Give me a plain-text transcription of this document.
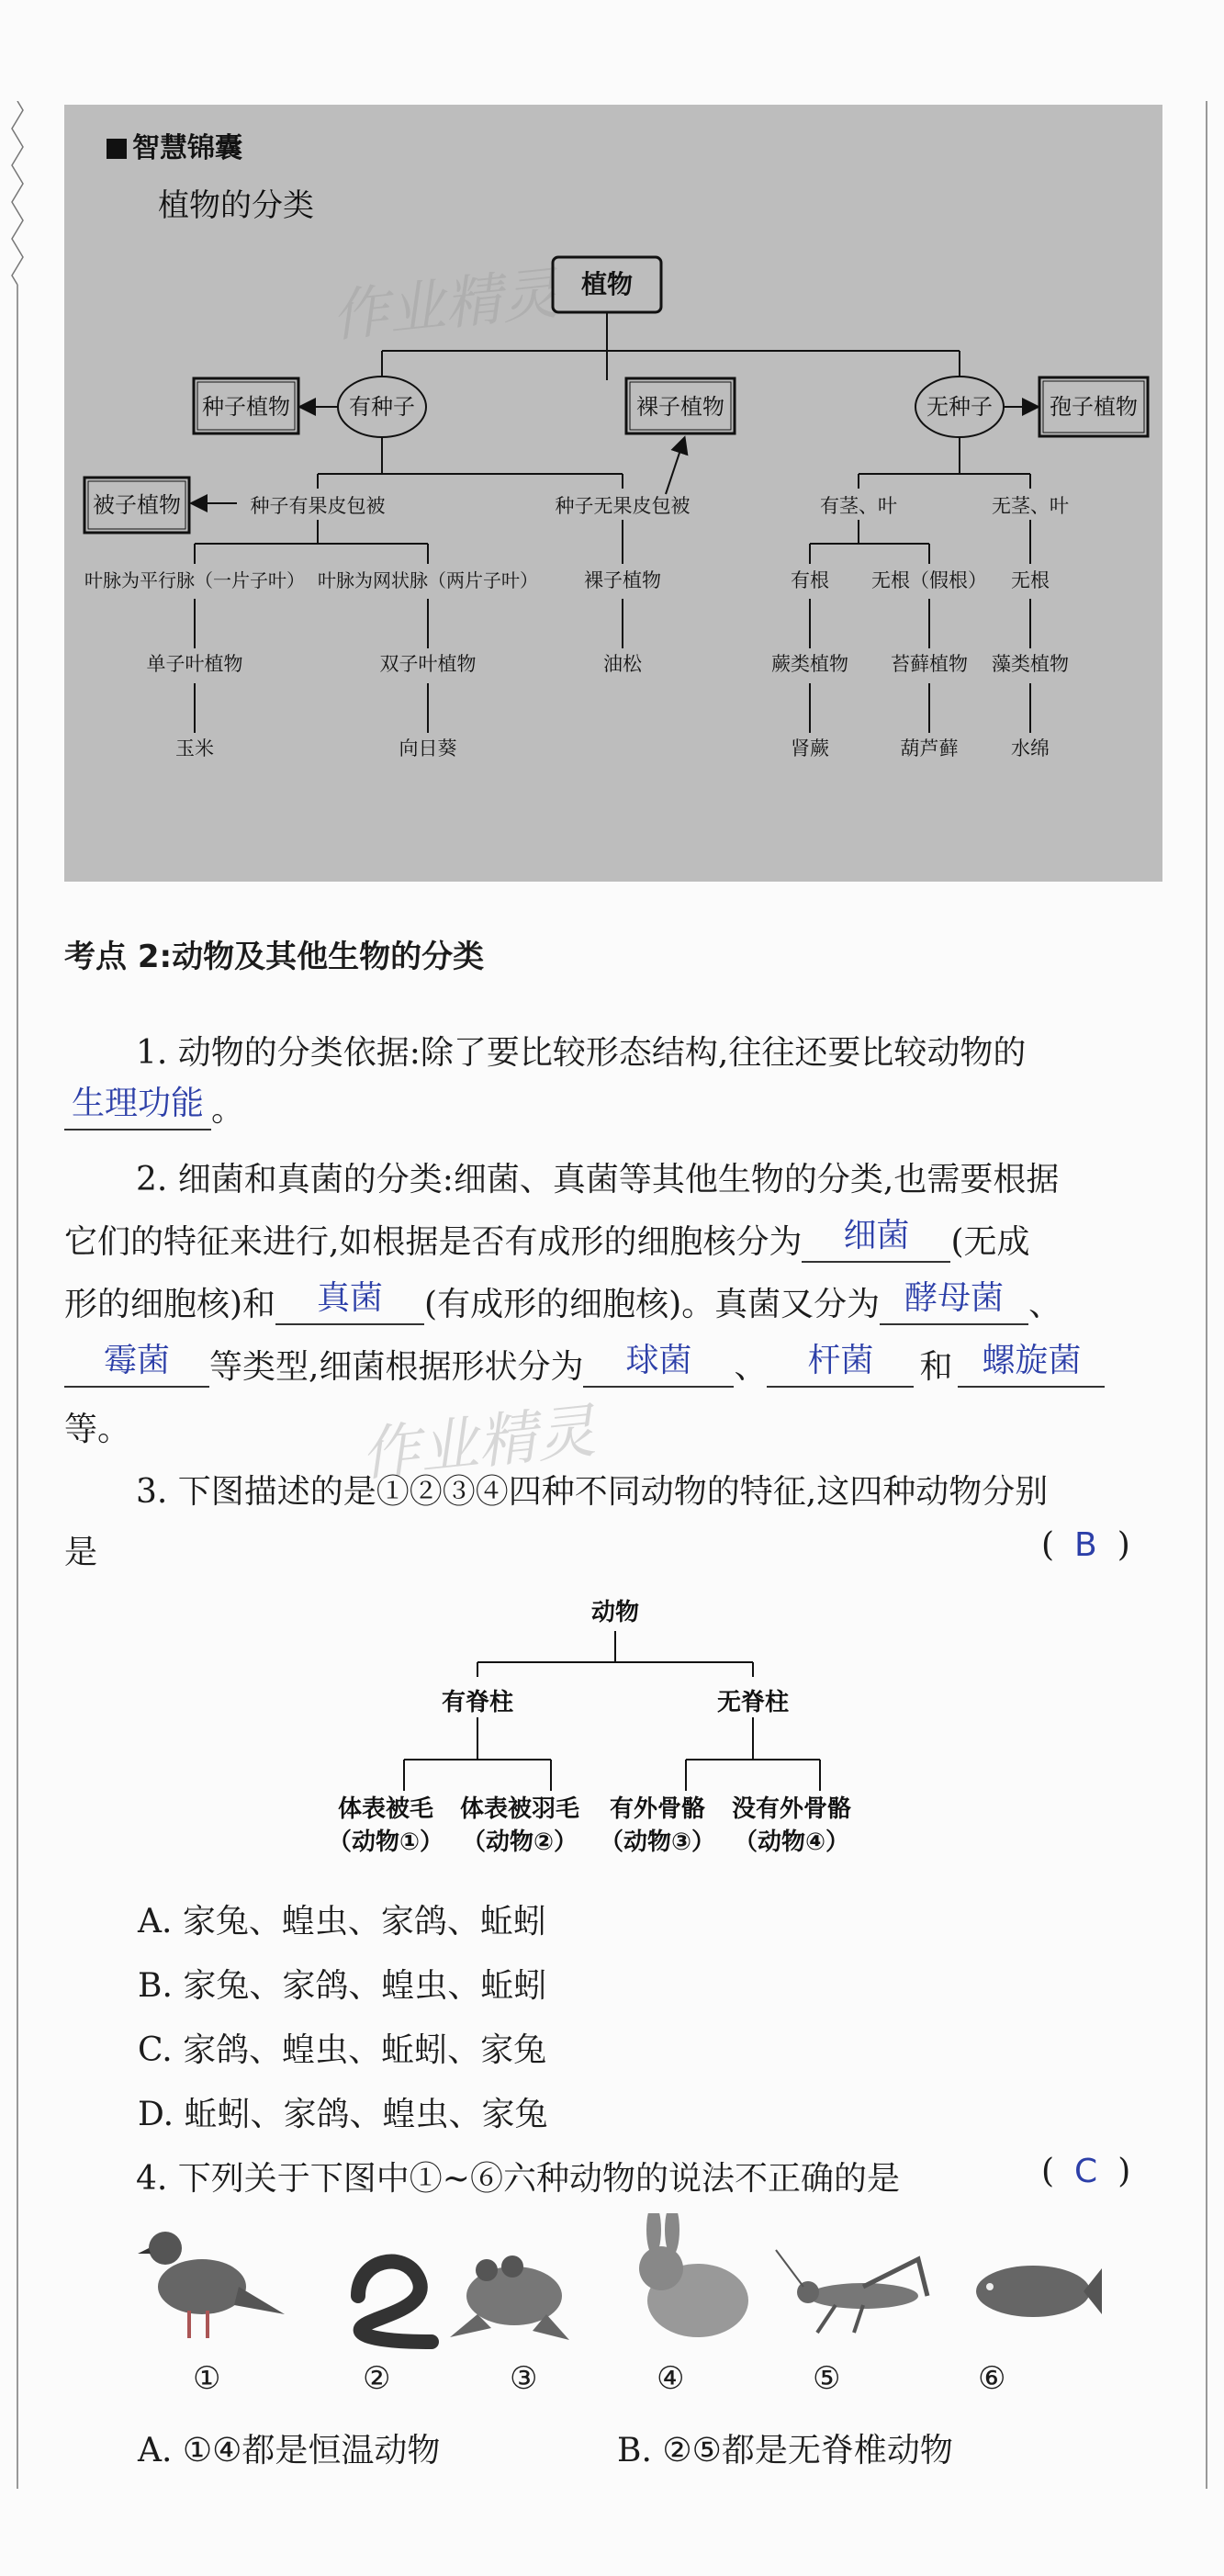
智慧锦囊
植物的分类
作业精灵 植物
有种子
种子植物	裸子植物	无种子	孢子植物
被子植物	种子有果皮包被	种子无果皮包被	有茎、叶	无茎、叶
叶脉为平行脉（一片子叶） 叶脉为网状脉（两片子叶） 裸子植物	有根 无根（假根） 无根
单子叶植物	双子叶植物	油松	蕨类植物 苔藓植物 藻类植物
玉米	向日葵	肾蕨	葫芦藓	水绵
考点 2:动物及其他生物的分类
1. 动物的分类依据:除了要比较形态结构,往往还要比较动物的
生理功能 。
2. 细菌和真菌的分类:细菌、真菌等其他生物的分类,也需要根据
它们的特征来进行,如根据是否有成形的细胞核分为 细菌 (无成
形的细胞核)和 真菌 (有成形的细胞核)。真菌又分为 酵母菌 、
霉菌 等类型,细菌根据形状分为 球菌 、 杆菌 和 螺旋菌
等。	作业精灵
3. 下图描述的是①②③④四种不同动物的特征,这四种动物分别
是	( B )
动物
有脊柱	无脊柱
体表被毛 体表被羽毛 有外骨骼 没有外骨骼
（动物①） （动物②） （动物③） （动物④）
A. 家兔、蝗虫、家鸽、蚯蚓
B. 家兔、家鸽、蝗虫、蚯蚓
C. 家鸽、蝗虫、蚯蚓、家兔
D. 蚯蚓、家鸽、蝗虫、家兔
4. 下列关于下图中①~⑥六种动物的说法不正确的是	( C )
①	②	③	④	⑤	⑥
A. ①④都是恒温动物	B. ②⑤都是无脊椎动物
